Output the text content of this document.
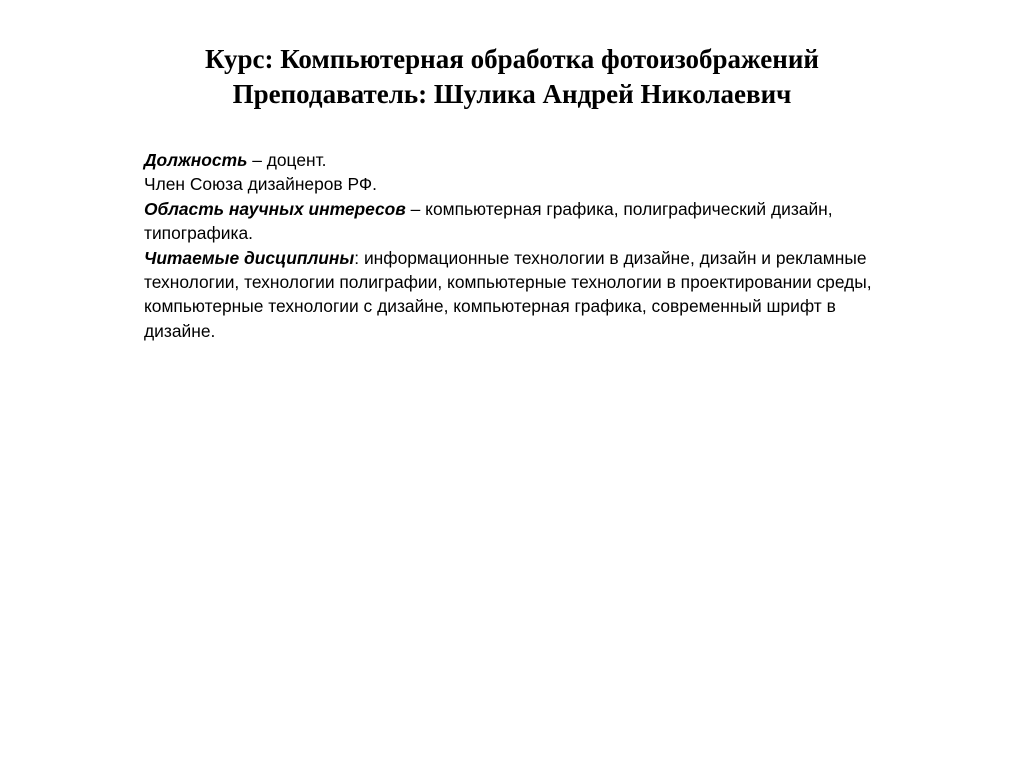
Курс: Компьютерная обработка фотоизображений
Преподаватель: Шулика Андрей Николаевич

Должность – доцент.

Член Союза дизайнеров РФ.

Область научных интересов – компьютерная графика, полиграфический дизайн, типографика.

Читаемые дисциплины: информационные технологии в дизайне, дизайн и рекламные технологии, технологии полиграфии, компьютерные технологии в проектировании среды, компьютерные технологии с дизайне, компьютерная графика, современный шрифт в дизайне.
